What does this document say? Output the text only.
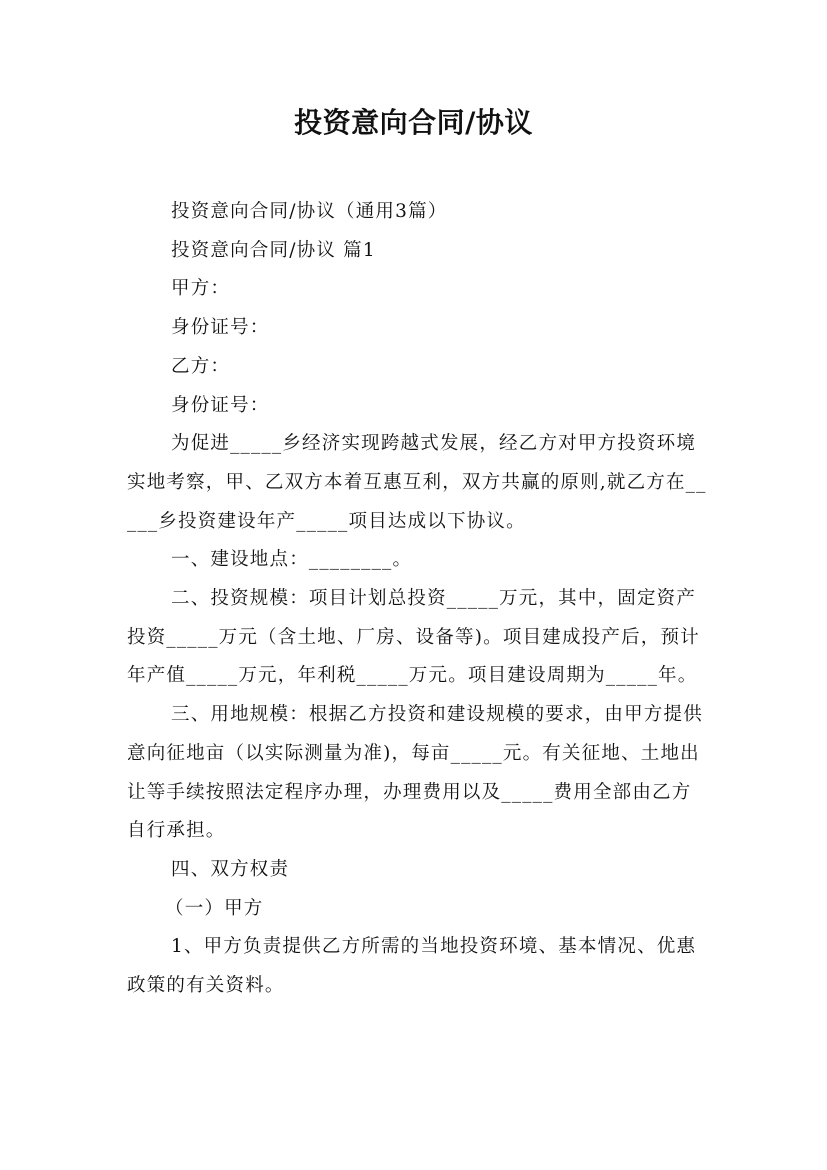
投资意向合同/协议

投资意向合同/协议（通用3篇）

投资意向合同/协议 篇1

甲方：

身份证号：

乙方：

身份证号：

为促进_____乡经济实现跨越式发展，经乙方对甲方投资环境实地考察，甲、乙双方本着互惠互利，双方共赢的原则,就乙方在_____乡投资建设年产_____项目达成以下协议。

一、建设地点：________。

二、投资规模：项目计划总投资_____万元，其中，固定资产投资_____万元（含土地、厂房、设备等)。项目建成投产后，预计年产值_____万元，年利税_____万元。项目建设周期为_____年。

三、用地规模：根据乙方投资和建设规模的要求，由甲方提供意向征地亩（以实际测量为准)，每亩_____元。有关征地、土地出让等手续按照法定程序办理，办理费用以及_____费用全部由乙方自行承担。

四、双方权责

（一）甲方

1、甲方负责提供乙方所需的当地投资环境、基本情况、优惠政策的有关资料。
